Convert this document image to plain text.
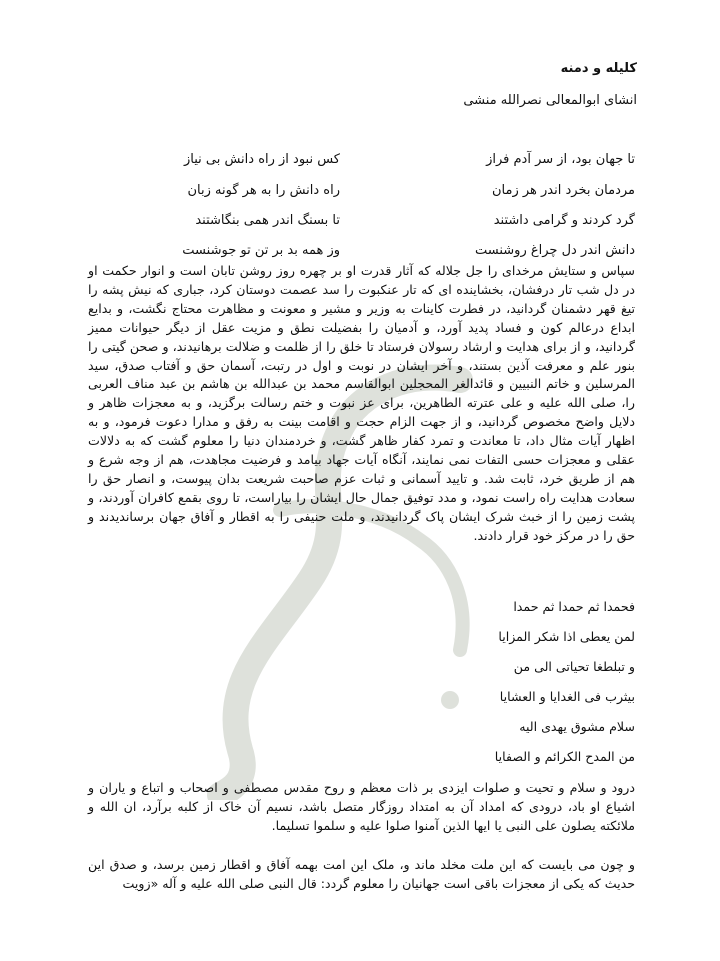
کلیله و دمنه
انشای ابوالمعالی نصرالله منشی
تا جهان بود، از سر آدم فراز
کس نبود از راه دانش بی نیاز
مردمان بخرد اندر هر زمان
راه دانش را به هر گونه زبان
گرد کردند و گرامی داشتند
تا بسنگ اندر همی بنگاشتند
دانش اندر دل چراغ روشنست
وز همه بد بر تن تو جوشنست

سپاس و ستایش مرخدای را جل جلاله که آثار قدرت او بر چهره روز روشن تابان است و انوار حکمت او در دل شب تار درفشان، بخشاینده ای که تار عنکبوت را سد عصمت دوستان کرد، جباری که نیش پشه را تیغ قهر دشمنان گردانید، در فطرت کاینات به وزیر و مشیر و معونت و مظاهرت محتاج نگشت، و بدایع ابداع درعالم کون و فساد پدید آورد، و آدمیان را بفضیلت نطق و مزیت عقل از دیگر حیوانات ممیز گردانید، و از برای هدایت و ارشاد رسولان فرستاد تا خلق را از ظلمت و ضلالت برهانیدند، و صحن گیتی را بنور علم و معرفت آذین بستند، و آخر ایشان در نوبت و اول در رتبت، آسمان حق و آفتاب صدق، سید المرسلین و خاتم النبیین و قائدالغر المحجلین ابوالقاسم محمد بن عبدالله بن هاشم بن عبد مناف العربی را، صلی الله علیه و علی عترته الطاهرین، برای عز نبوت و ختم رسالت برگزید، و به معجزات ظاهر و دلایل واضح مخصوص گردانید، و از جهت الزام حجت و اقامت بینت به رفق و مدارا دعوت فرمود، و به اظهار آیات مثال داد، تا معاندت و تمرد کفار ظاهر گشت، و خردمندان دنیا را معلوم گشت که به دلالات عقلی و معجزات حسی التفات نمی نمایند، آنگاه آیات جهاد بیامد و فرضیت مجاهدت، هم از وجه شرع و هم از طریق خرد، ثابت شد. و تایید آسمانی و ثبات عزم صاحبت شریعت بدان پیوست، و انصار حق را سعادت هدایت راه راست نمود، و مدد توفیق جمال حال ایشان را بیاراست، تا روی بقمع کافران آوردند، و پشت زمین را از خبث شرک ایشان پاک گردانیدند، و ملت حنیفی را به اقطار و آفاق جهان برساندیدند و حق را در مرکز خود قرار دادند.

فحمدا ثم حمدا ثم حمدا
لمن یعطی اذا شکر المزایا
و تبلطغا تحیاتی الی من
بیثرب فی الغدایا و العشایا
سلام مشوق یهدی الیه
من المدح الکرائم و الصفایا

درود و سلام و تحیت و صلوات ایزدی بر ذات معظم و روح مقدس مصطفی و اصحاب و اتباع و یاران و اشیاع او باد، درودی که امداد آن به امتداد روزگار متصل باشد، نسیم آن خاک از کلبه برآرد، ان الله و ملائکته یصلون علی النبی یا ایها الذین آمنوا صلوا علیه و سلموا تسلیما.

و چون می بایست که این ملت مخلد ماند و، ملک این امت بهمه آفاق و اقطار زمین برسد، و صدق این حدیث که یکی از معجزات باقی است جهانیان را معلوم گردد: قال النبی صلی الله علیه و آله «زویت
